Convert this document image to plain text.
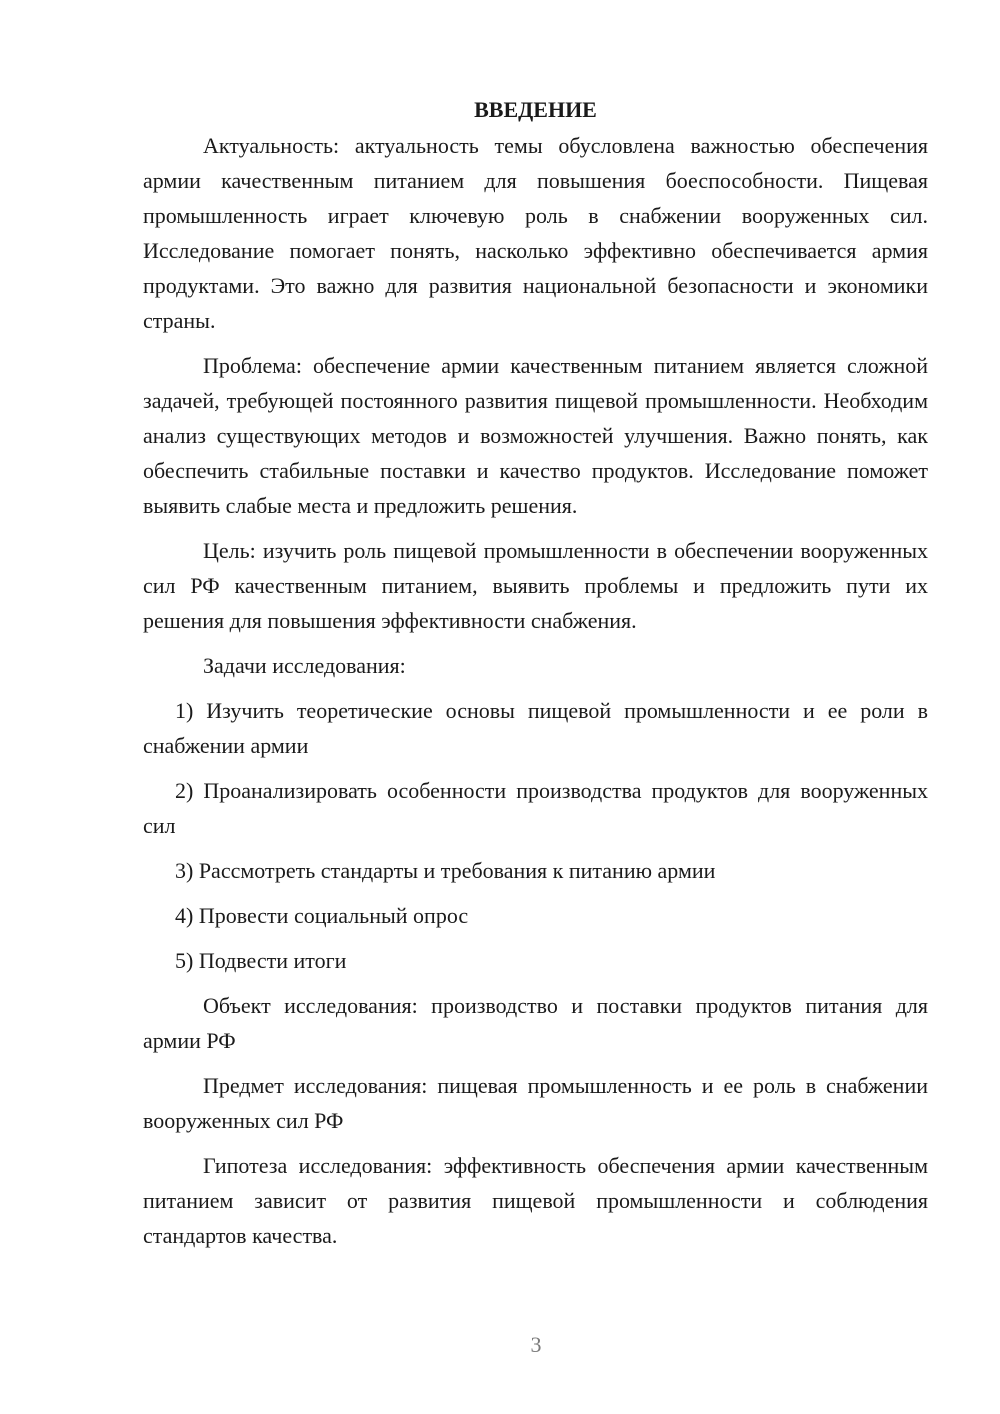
ВВЕДЕНИЕ

Актуальность: актуальность темы обусловлена важностью обеспечения армии качественным питанием для повышения боеспособности. Пищевая промышленность играет ключевую роль в снабжении вооруженных сил. Исследование помогает понять, насколько эффективно обеспечивается армия продуктами. Это важно для развития национальной безопасности и экономики страны.

Проблема: обеспечение армии качественным питанием является сложной задачей, требующей постоянного развития пищевой промышленности. Необходим анализ существующих методов и возможностей улучшения. Важно понять, как обеспечить стабильные поставки и качество продуктов. Исследование поможет выявить слабые места и предложить решения.

Цель: изучить роль пищевой промышленности в обеспечении вооруженных сил РФ качественным питанием, выявить проблемы и предложить пути их решения для повышения эффективности снабжения.

Задачи исследования:

1) Изучить теоретические основы пищевой промышленности и ее роли в снабжении армии

2) Проанализировать особенности производства продуктов для вооруженных сил

3) Рассмотреть стандарты и требования к питанию армии

4) Провести социальный опрос

5) Подвести итоги

Объект исследования: производство и поставки продуктов питания для армии РФ

Предмет исследования: пищевая промышленность и ее роль в снабжении вооруженных сил РФ

Гипотеза исследования: эффективность обеспечения армии качественным питанием зависит от развития пищевой промышленности и соблюдения стандартов качества.

3
